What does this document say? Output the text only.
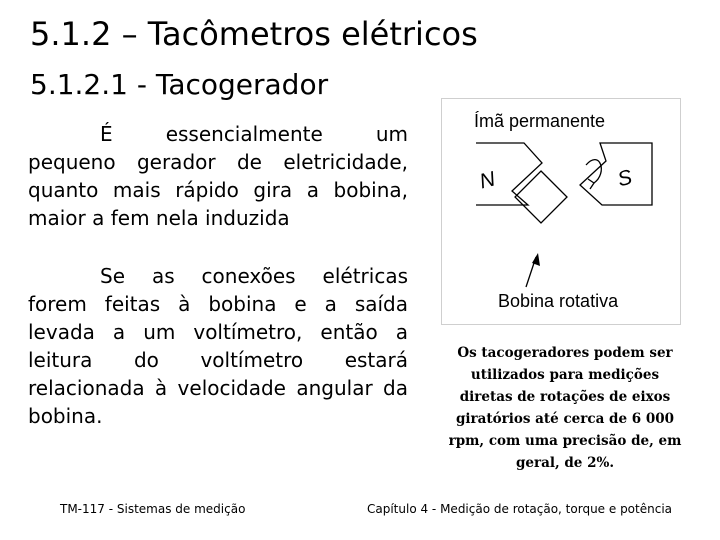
5.1.2 – Tacômetros elétricos
5.1.2.1 - Tacogerador

É essencialmente um pequeno gerador de eletricidade, quanto mais rápido gira a bobina, maior a fem nela induzida

Se as conexões elétricas forem feitas à bobina e a saída levada a um voltímetro, então a leitura do voltímetro estará relacionada à velocidade angular da bobina.

Ímã permanente
N	S
Bobina rotativa
Os tacogeradores podem ser utilizados para medições diretas de rotações de eixos giratórios até cerca de 6 000 rpm, com uma precisão de, em geral, de 2%.
TM-117 - Sistemas de medição	Capítulo 4 - Medição de rotação, torque e potência
